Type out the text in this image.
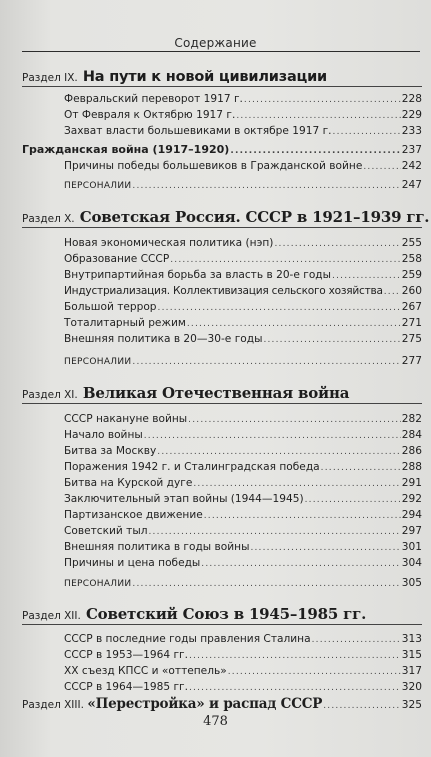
Содержание
Раздел IX. На пути к новой цивилизации
Февральский переворот 1917 г. .....	228
От Февраля к Октябрю 1917 г. .....	229
Захват власти большевиками в октябре 1917 г. .....	233
Гражданская война (1917–1920) .....	237
Причины победы большевиков в Гражданской войне .....	242
ПЕРСОНАЛИИ .....	247
Раздел X. Советская Россия. СССР в 1921–1939 гг.
Новая экономическая политика (нэп) .....	255
Образование СССР .....	258
Внутрипартийная борьба за власть в 20-е годы .....	259
Индустриализация. Коллективизация сельского хозяйства ..... 260
Большой террор .....	267
Тоталитарный режим .....	271
Внешняя политика в 20—30-е годы .....	275
ПЕРСОНАЛИИ .....	277
Раздел XI. Великая Отечественная война
СССР накануне войны .....	282
Начало войны .....	284
Битва за Москву .....	286
Поражения 1942 г. и Сталинградская победа .....	288
Битва на Курской дуге .....	291
Заключительный этап войны (1944—1945) .....	292
Партизанское движение .....	294
Советский тыл .....	297
Внешняя политика в годы войны .....	301
Причины и цена победы .....	304
ПЕРСОНАЛИИ .....	305
Раздел XII. Советский Союз в 1945–1985 гг.
СССР в последние годы правления Сталина .....	313
СССР в 1953—1964 гг. .....	315
XX съезд КПСС и «оттепель» .....	317
СССР в 1964—1985 гг. .....	320
Раздел XIII. «Перестройка» и распад СССР .....	325
478
